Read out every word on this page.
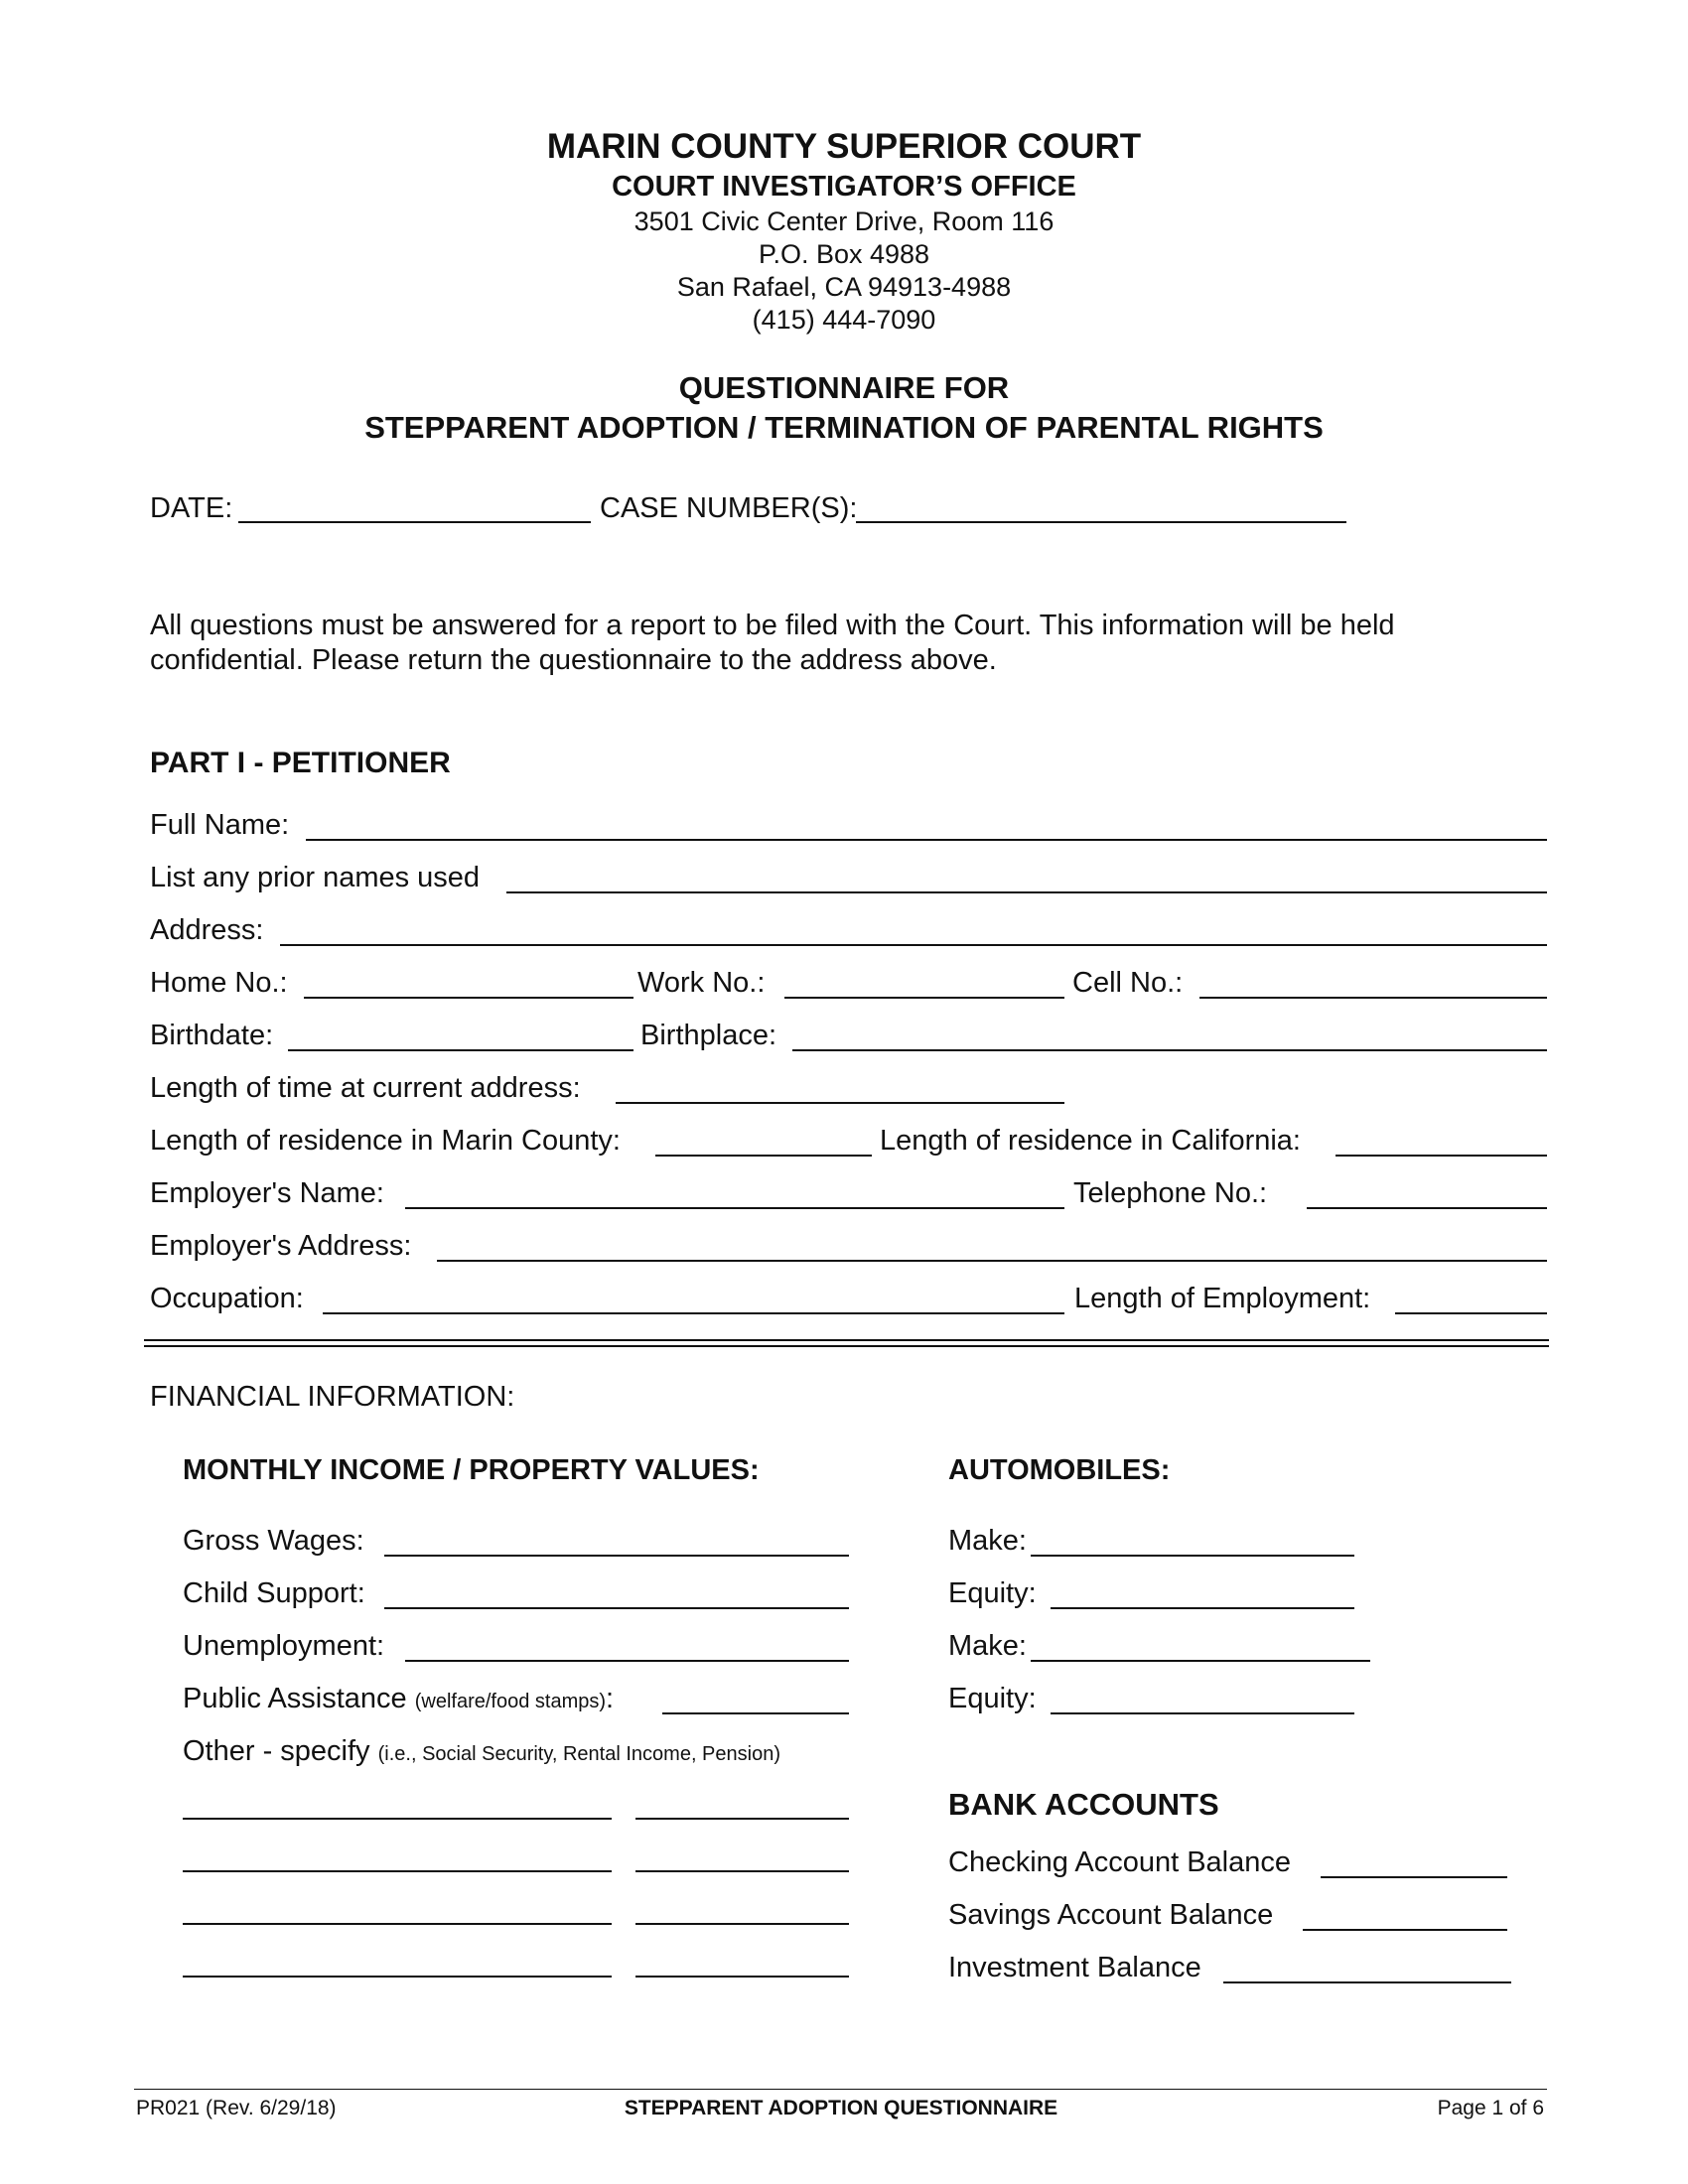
MARIN COUNTY SUPERIOR COURT
COURT INVESTIGATOR’S OFFICE
3501 Civic Center Drive, Room 116
P.O. Box 4988
San Rafael, CA 94913-4988
(415) 444-7090
QUESTIONNAIRE FOR
STEPPARENT ADOPTION / TERMINATION OF PARENTAL RIGHTS
DATE:	CASE NUMBER(S):
All questions must be answered for a report to be filed with the Court. This information will be held
confidential. Please return the questionnaire to the address above.
PART I - PETITIONER
Full Name:
List any prior names used
Address:
Home No.:	Work No.:	Cell No.:
Birthdate:	Birthplace:
Length of time at current address:
Length of residence in Marin County:	Length of residence in California:
Employer's Name:	Telephone No.:
Employer's Address:
Occupation:	Length of Employment:
FINANCIAL INFORMATION:
MONTHLY INCOME / PROPERTY VALUES:	AUTOMOBILES:
Gross Wages:	Make:
Child Support:	Equity:
Unemployment:	Make:
Public Assistance (welfare/food stamps):	Equity:
Other - specify (i.e., Social Security, Rental Income, Pension)
BANK ACCOUNTS
Checking Account Balance
Savings Account Balance
Investment Balance
PR021 (Rev. 6/29/18)	STEPPARENT ADOPTION QUESTIONNAIRE	Page 1 of 6
